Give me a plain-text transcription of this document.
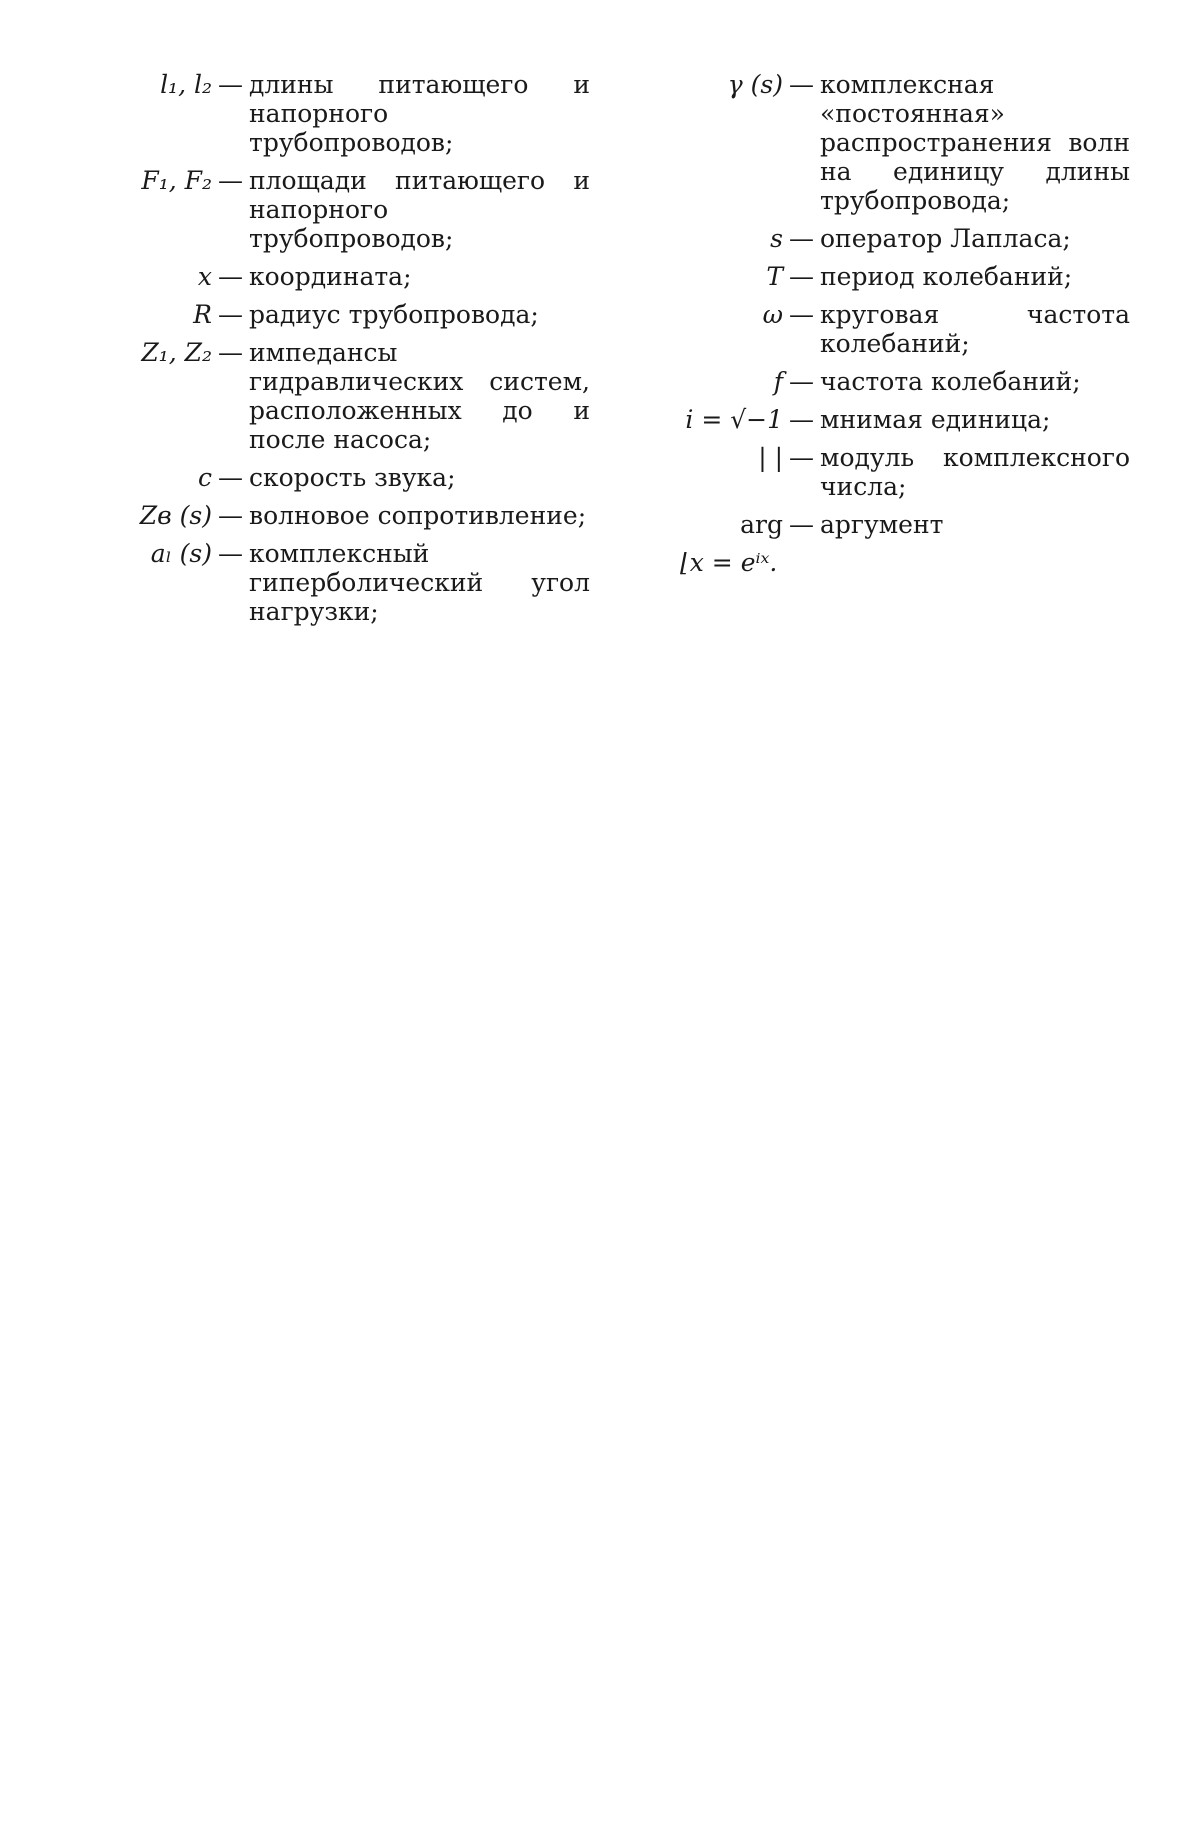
l₁, l₂ — длины питающего и напорного трубопроводов;
F₁, F₂ — площади питающего и напорного трубопроводов;
x — координата;
R — радиус трубопровода;
Z₁, Z₂ — импедансы гидравлических систем, расположенных до и после насоса;
c — скорость звука;
Zв (s) — волновое сопротивление;
aₗ (s) — комплексный гиперболический угол нагрузки;
γ (s) — комплексная «постоянная» распространения волн на единицу длины трубопровода;
s — оператор Лапласа;
T — период колебаний;
ω — круговая частота колебаний;
f — частота колебаний;
i = √−1 — мнимая единица;
| | — модуль комплексного числа;
arg — аргумент
⌊x = eⁱˣ.
